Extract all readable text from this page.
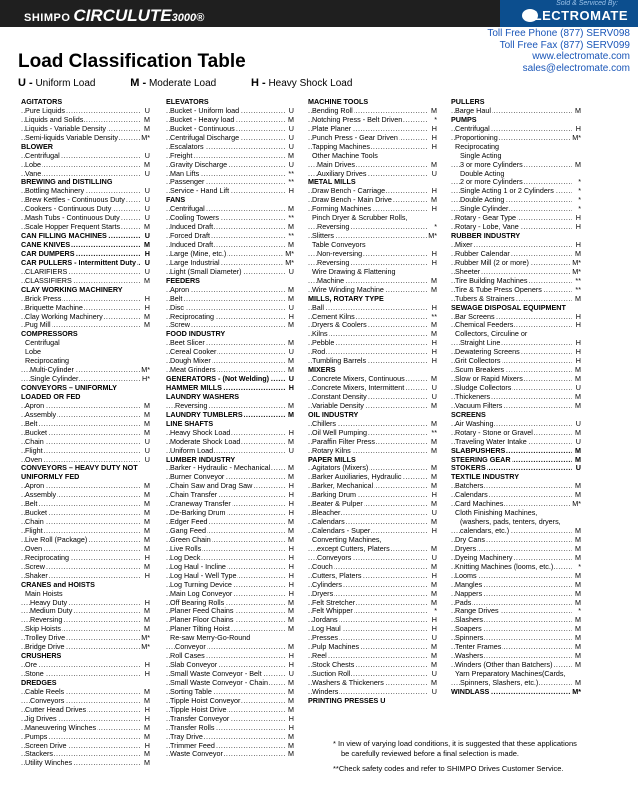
SHIMPO CIRCULUTE3000®
Sold & Serviced By:
ELECTROMATE
Toll Free Phone (877) SERV098
Toll Free Fax (877) SERV099
www.electromate.com
sales@electromate.com
Load Classification Table
U - Uniform Load	M - Moderate Load	H - Heavy Shock Load
AGITATORS
Pure Liquids	U
.....
Liquids and Solids	M
.....
Liquids - Variable Density	M
.....
Semi-liquids Variable Density	M*
.....
BLOWER
Centrifugal	U
.....
Lobe	M
.....
Vane	U
.....
BREWING and DISTILLING
Bottling Machinery	U
.....
Brew Kettles - Continuous Duty	U
.....
Cookers - Continuous Duty	U
.....
Mash Tubs - Continuous Duty	U
.....
Scale Hopper Frequent Starts	M
.....
CAN FILLING MACHINES	U
.....
CANE KNIVES	M
.....
CAR DUMPERS	H
.....
CAR PULLERS - Intermittent Duty U
.....
CLARIFIERS	U
.....
CLASSIFIERS	M
.....
CLAY WORKING MACHINERY
Brick Press	H
.....
Briquette Machine	H
.....
Clay Working Machinery	M
.....
Pug Mill	M
.....
COMPRESSORS
Centrifugal
Lobe
Reciprocating
Multi-Cylinder	M*
.....
Single Cylinder	H*
.....
CONVEYORS – UNIFORMLY
LOADED OR FED
Apron	M
.....
Assembly	M
.....
Belt	M
.....
Bucket	M
.....
Chain	U
.....
Flight	U
.....
Oven	U
.....
CONVEYORS – HEAVY DUTY NOT
UNIFORMLY FED
Apron	M
.....
Assembly	M
.....
Belt	M
.....
Bucket	M
.....
Chain	M
.....
Flight	M
.....
Live Roll (Package)	M
.....
Oven	M
.....
Reciprocating	H
.....
Screw	M
.....
Shaker	H
.....
CRANES and HOISTS
Main Hoists
Heavy Duty	H
.....
Medium Duty	M
.....
Reversing	M
.....
Skip Hoists	M
.....
Trolley Drive	M*
.....
Bridge Drive	M*
.....
CRUSHERS
Ore	H
.....
Stone	H
.....
DREDGES
Cable Reels	M
.....
Conveyors	M
.....
Cutter Head Drives	H
.....
Jig Drives	H
.....
Maneuvering Winches	M
.....
Pumps	M
.....
Screen Drive	H
.....
Stackers	M
.....
Utility Winches	M
.....
ELEVATORS
Bucket - Uniform load	U
.....
Bucket - Heavy load	M
.....
Bucket - Continuous	U
.....
Centrifugal Discharge	U
.....
Escalators	U
.....
Freight	M
.....
Gravity Discharge	U
.....
Man Lifts	**
.....
Passenger	**
.....
Service - Hand Lift	H
.....
FANS
Centrifugal	M
.....
Cooling Towers	**
.....
Induced Draft	M
.....
Forced Draft	**
.....
Induced Draft	M
.....
Large (Mine, etc.)	M*
.....
Large Industrial	M*
.....
Light (Small Diameter)	U
.....
FEEDERS
Apron	M
.....
Belt	M
.....
Disc	U
.....
Reciprocating	H
.....
Screw	M
.....
FOOD INDUSTRY
Beet Slicer	M
.....
Cereal Cooker	U
.....
Dough Mixer	M
.....
Meat Grinders	M
.....
GENERATORS - (Not Welding)	U
.....
HAMMER MILLS	H
.....
LAUNDRY WASHERS
Reversing	M
.....
LAUNDRY TUMBLERS	M
.....
LINE SHAFTS
Heavy Shock Load	H
.....
Moderate Shock Load	M
.....
Uniform Load	U
.....
LUMBER INDUSTRY
Barker - Hydraulic - Mechanical M
.....
Burner Conveyor	M
.....
Chain Saw and Drag Saw	H
.....
Chain Transfer	H
.....
Craneway Transfer	H
.....
De-Barking Drum	H
.....
Edger Feed	M
.....
Gang Feed	M
.....
Green Chain	M
.....
Live Rolls	H
.....
Log Deck	H
.....
Log Haul - Incline	H
.....
Log Haul - Well Type	H
.....
Log Turning Device	H
.....
Main Log Conveyor	H
.....
Off Bearing Rolls	M
.....
Planer Feed Chains	M
.....
Planer Floor Chains	M
.....
Planer Tilting Hoist	M
.....
Re-saw Merry-Go-Round
Conveyor	M
.....
Roll Cases	H
.....
Slab Conveyor	H
.....
Small Waste Conveyor - Belt	U
.....
Small Waste Conveyor - Chain	M
.....
Sorting Table	M
.....
Tipple Hoist Conveyor	M
.....
Tipple Hoist Drive	M
.....
Transfer Conveyor	H
.....
Transfer Rolls	H
.....
Tray Drive	M
.....
Trimmer Feed	M
.....
Waste Conveyor	M
.....
MACHINE TOOLS
Bending Roll	M
.....
Notching Press - Belt Driven	*
.....
Plate Planer	H
.....
Punch Press - Gear Driven	H
.....
Tapping Machines	H
.....
Other Machine Tools
Main Drives	M
.....
Auxiliary Drives	U
.....
METAL MILLS
Draw Bench - Carriage	H
.....
Draw Bench - Main Drive	M
.....
Forming Machines	H
.....
Pinch Dryer & Scrubber Rolls,
Reversing	*
.....
Slitters	M*
.....
Table Conveyors
Non-reversing	H
.....
Reversing	H
.....
Wire Drawing & Flattening
Machine	M
.....
Wire Winding Machine	M
.....
MILLS, ROTARY TYPE
Ball	H
.....
Cement Kilns	**
.....
Dryers & Coolers	M
.....
Kilns	M
.....
Pebble	H
.....
Rod	H
.....
Tumbling Barrels	H
.....
MIXERS
Concrete Mixers, Continuous	M
.....
Concrete Mixers, Intermittent	U
.....
Constant Density	U
.....
Variable Density	M
.....
OIL INDUSTRY
Chillers	M
.....
Oil Well Pumping	**
.....
Paraffin Filter Press	M
.....
Rotary Kilns	M
.....
PAPER MILLS
Agitators (Mixers)	M
.....
Barker Auxiliaries, Hydraulic	M
.....
Barker, Mechanical	M
.....
Barking Drum	H
.....
Beater & Pulper	M
.....
Bleacher	U
.....
Calendars	M
.....
Calendars - Super	H
.....
Converting Machines,
except Cutters, Platers	M
.....
Conveyors	U
.....
Couch	M
.....
Cutters, Platers	H
.....
Cylinders	M
.....
Dryers	M
.....
Felt Stretcher	M
.....
Felt Whipper	*
.....
Jordans	H
.....
Log Haul	H
.....
Presses	U
.....
Pulp Machines	M
.....
Reel	M
.....
Stock Chests	M
.....
Suction Roll	U
.....
Washers & Thickeners	M
.....
Winders	U
.....
PRINTING PRESSES U
PULLERS
Barge Haul	M
.....
PUMPS
Centrifugal	H
.....
Proportioning	M*
.....
Reciprocating
Single Acting
3 or more Cylinders	M
.....
Double Acting
2 or more Cylinders	*
.....
Single Acting 1 or 2 Cylinders	*
.....
Double Acting	*
.....
Single Cylinder	*
.....
Rotary - Gear Type	H
.....
Rotary - Lobe, Vane	H
.....
RUBBER INDUSTRY
Mixer	H
.....
Rubber Calendar	M
.....
Rubber Mill (2 or more)	M*
.....
Sheeter	M*
.....
Tire Building Machines	**
.....
Tire & Tube Press Openers	**
.....
Tubers & Strainers	M
.....
SEWAGE DISPOSAL EQUIPMENT
Bar Screens	H
.....
Chemical Feeders	H
.....
Collectors, Circuline or
Straight Line	H
.....
Dewatering Screens	H
.....
Grit Collectors	H
.....
Scum Breakers	M
.....
Slow or Rapid Mixers	M
.....
Sludge Collectors	U
.....
Thickeners	M
.....
Vacuum Filters	M
.....
SCREENS
Air Washing	U
.....
Rotary - Stone or Gravel	M
.....
Traveling Water Intake	U
.....
SLABPUSHERS	M
.....
STEERING GEAR	M
.....
STOKERS	U
.....
TEXTILE INDUSTRY
Batchers	M
.....
Calendars	M
.....
Card Machines	M*
.....
Cloth Finishing Machines,
(washers, pads, tenters, dryers,
calendars, etc.)	M
.....
Dry Cans	M
.....
Dryers	M
.....
Dyeing Machinery	M
.....
Knitting Machines (looms, etc.)	*
.....
Looms	M
.....
Mangles	M
.....
Nappers	M
.....
Pads	M
.....
Range Drives	*
.....
Slashers	M
.....
Soapers	M
.....
Spinners	M
.....
Tenter Frames	M
.....
Washers	M
.....
Winders (Other than Batchers)	M
.....
Yarn Preparatory Machines(Cards,
Spinners, Slashers, etc.)	M
.....
WINDLASS	M*
.....
* In view of varying load conditions, it is suggested that these applications
be carefully reviewed before a final selection is made.
**Check safety codes and refer to SHIMPO Drives Customer Service.
